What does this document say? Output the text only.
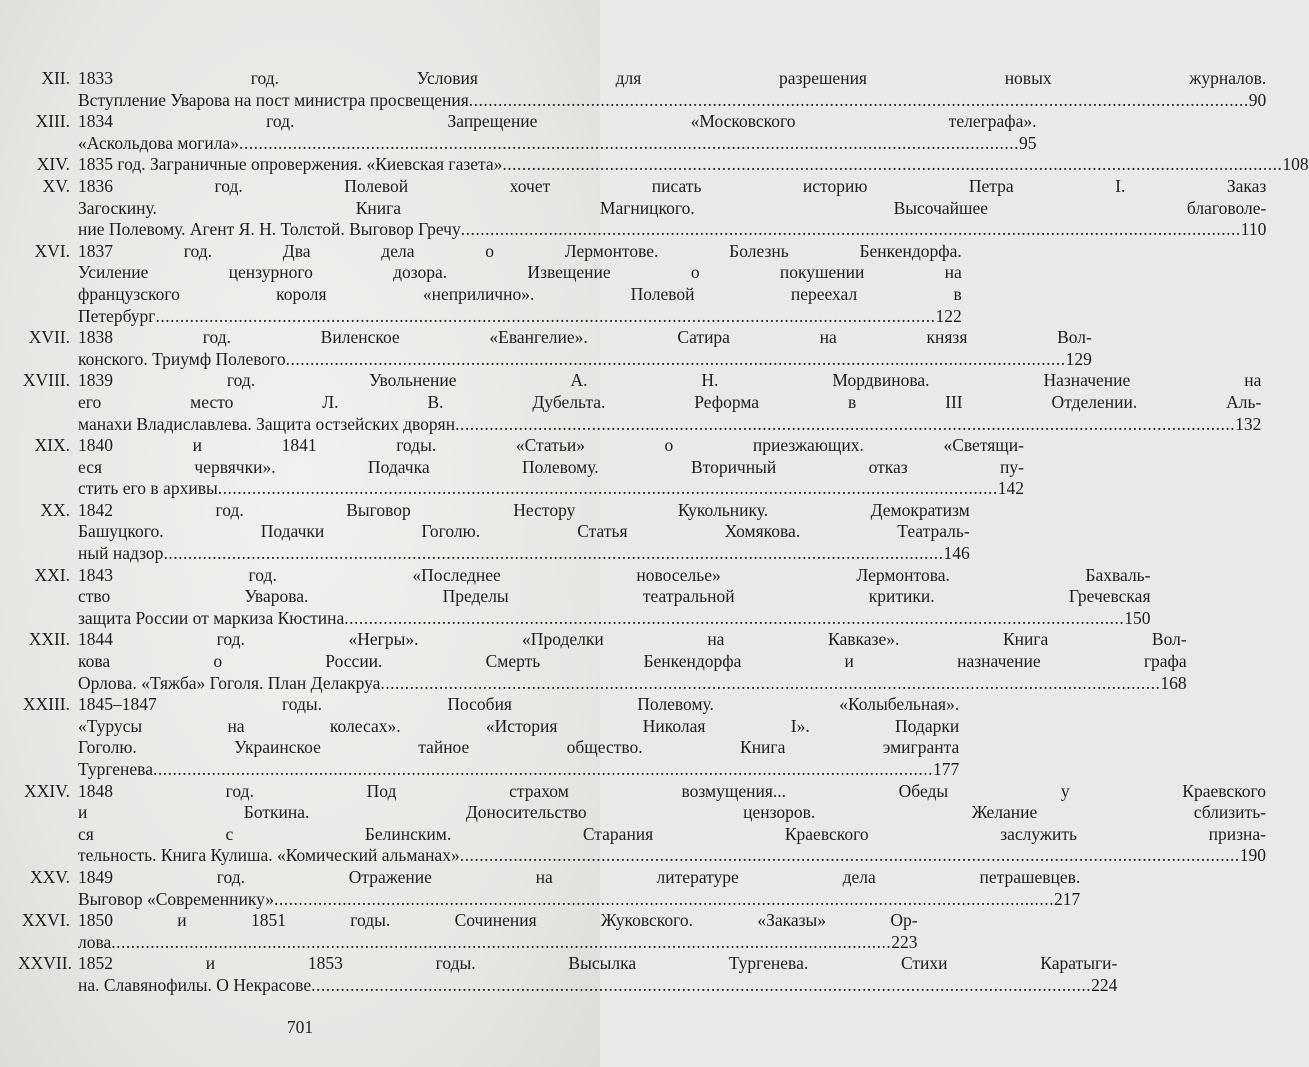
XII. 1833 год. Условия для разрешения новых журналов.
Вступление Уварова на пост министра просвещения .....	90
XIII. 1834 год. Запрещение «Московского телеграфа».
«Аскольдова могила» .....	95
XIV. 1835 год. Заграничные опровержения. «Киевская газета» .....	108
XV. 1836 год. Полевой хочет писать историю Петра I. Заказ
Загоскину. Книга Магницкого. Высочайшее благоволе-
ние Полевому. Агент Я. Н. Толстой. Выговор Гречу .....	110
XVI. 1837 год. Два дела о Лермонтове. Болезнь Бенкендорфа.
Усиление цензурного дозора. Извещение о покушении на
французского короля «неприлично». Полевой переехал в
Петербург .....	122
XVII. 1838 год. Виленское «Евангелие». Сатира на князя Вол-
конского. Триумф Полевого .....	129
XVIII. 1839 год. Увольнение А. Н. Мордвинова. Назначение на
его место Л. В. Дубельта. Реформа в III Отделении. Аль-
манахи Владиславлева. Защита остзейских дворян .....	132
XIX. 1840 и 1841 годы. «Статьи» о приезжающих. «Светящи-
еся червячки». Подачка Полевому. Вторичный отказ пу-
стить его в архивы .....	142
XX. 1842 год. Выговор Нестору Кукольнику. Демократизм
Башуцкого. Подачки Гоголю. Статья Хомякова. Театраль-
ный надзор .....	146
XXI. 1843 год. «Последнее новоселье» Лермонтова. Бахваль-
ство Уварова. Пределы театральной критики. Гречевская
защита России от маркиза Кюстина .....	150
XXII. 1844 год. «Негры». «Проделки на Кавказе». Книга Вол-
кова о России. Смерть Бенкендорфа и назначение графа
Орлова. «Тяжба» Гоголя. План Делакруа .....	168
XXIII. 1845–1847 годы. Пособия Полевому. «Колыбельная».
«Турусы на колесах». «История Николая I». Подарки
Гоголю. Украинское тайное общество. Книга эмигранта
Тургенева .....	177
XXIV. 1848 год. Под страхом возмущения... Обеды у Краевского
и Боткина. Доносительство цензоров. Желание сблизить-
ся с Белинским. Старания Краевского заслужить призна-
тельность. Книга Кулиша. «Комический альманах» .....	190
XXV. 1849 год. Отражение на литературе дела петрашевцев.
Выговор «Современнику» .....	217
XXVI. 1850 и 1851 годы. Сочинения Жуковского. «Заказы» Ор-
лова .....	223
XXVII. 1852 и 1853 годы. Высылка Тургенева. Стихи Каратыги-
на. Славянофилы. О Некрасове .....	224
701
